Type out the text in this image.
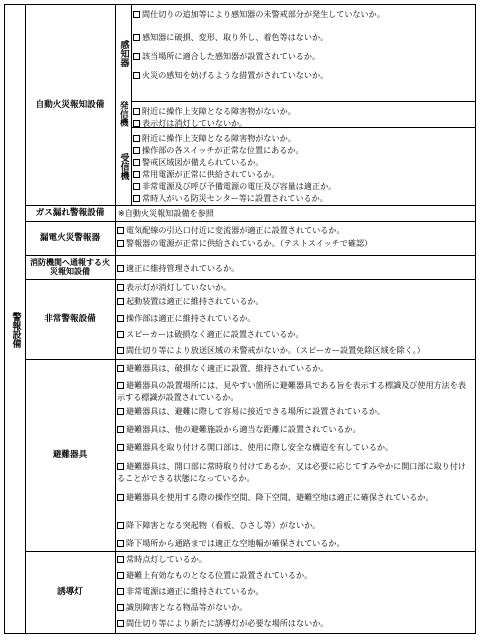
警報設備
自動火災報知設備
ガス漏れ警報設備
漏電火災警報器
消防機関へ通報する火災報知設備
非常警報設備
避難器具
誘導灯
感知器
発信機
受信機
※自動火災報知設備を参照
間仕切りの追加等により感知器の未警戒部分が発生していないか。
感知器に破損、変形、取り外し、着色等はないか。
該当場所に適合した感知器が設置されているか。
火災の感知を妨げるような措置がされていないか。
附近に操作上支障となる障害物がないか。
表示灯は消灯していないか。
附近に操作上支障となる障害物がないか。
操作部の各スイッチが正常な位置にあるか。
警戒区域図が備えられているか。
常用電源が正常に供給されているか。
非常電源及び呼び予備電源の電圧及び容量は適正か。
常時人がいる防災センター等に設置されているか。
電気配線の引込口付近に変流器が適正に設置されているか。
警報器の電源が正常に供給されているか。（テストスイッチで確認）
適正に維持管理されているか。
表示灯が消灯していないか。
起動装置は適正に維持されているか。
操作部は適正に維持されているか。
スピーカーは破損なく適正に設置されているか。
間仕切り等により放送区域の未警戒がないか。（スピーカー設置免除区域を除く。）
避難器具は、破損なく適正に設置、維持されているか。
避難器具の設置場所には、見やすい箇所に避難器具である旨を表示する標識及び使用方法を表示する標識が設置されているか。
避難器具は、避難に際して容易に接近できる場所に設置されているか。
避難器具は、他の避難施設から適当な距離に設置されているか。
避難器具を取り付ける開口部は、使用に際し安全な構造を有しているか。
避難器具は、開口部に常時取り付けてあるか、又は必要に応じてすみやかに開口部に取り付けることができる状態になっているか。
避難器具を使用する際の操作空間、降下空間、避難空地は適正に確保されているか。
降下障害となる突起物（看板、ひさし等）がないか。
降下場所から通路までは適正な空地幅が確保されているか。
常時点灯しているか。
避難上有効なものとなる位置に設置されているか。
非常電源は適正に維持されているか。
識別障害となる物品等がないか。
間仕切り等により新たに誘導灯が必要な場所はないか。
